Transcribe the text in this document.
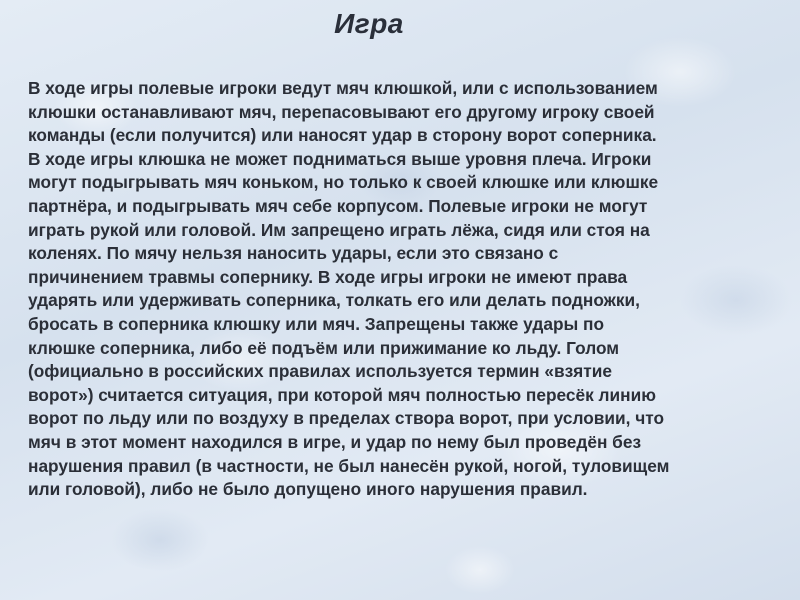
Игра
В ходе игры полевые игроки ведут мяч клюшкой, или с использованием
клюшки останавливают мяч, перепасовывают его другому игроку своей
команды (если получится) или наносят удар в сторону ворот соперника.
В ходе игры клюшка не может подниматься выше уровня плеча. Игроки
могут подыгрывать мяч коньком, но только к своей клюшке или клюшке
партнёра, и подыгрывать мяч себе корпусом. Полевые игроки не могут
играть рукой или головой. Им запрещено играть лёжа, сидя или стоя на
коленях. По мячу нельзя наносить удары, если это связано с
причинением травмы сопернику. В ходе игры игроки не имеют права
ударять или удерживать соперника, толкать его или делать подножки,
бросать в соперника клюшку или мяч. Запрещены также удары по
клюшке соперника, либо её подъём или прижимание ко льду. Голом
(официально в российских правилах используется термин «взятие
ворот») считается ситуация, при которой мяч полностью пересёк линию
ворот по льду или по воздуху в пределах створа ворот, при условии, что
мяч в этот момент находился в игре, и удар по нему был проведён без
нарушения правил (в частности, не был нанесён рукой, ногой, туловищем
или головой), либо не было допущено иного нарушения правил.
